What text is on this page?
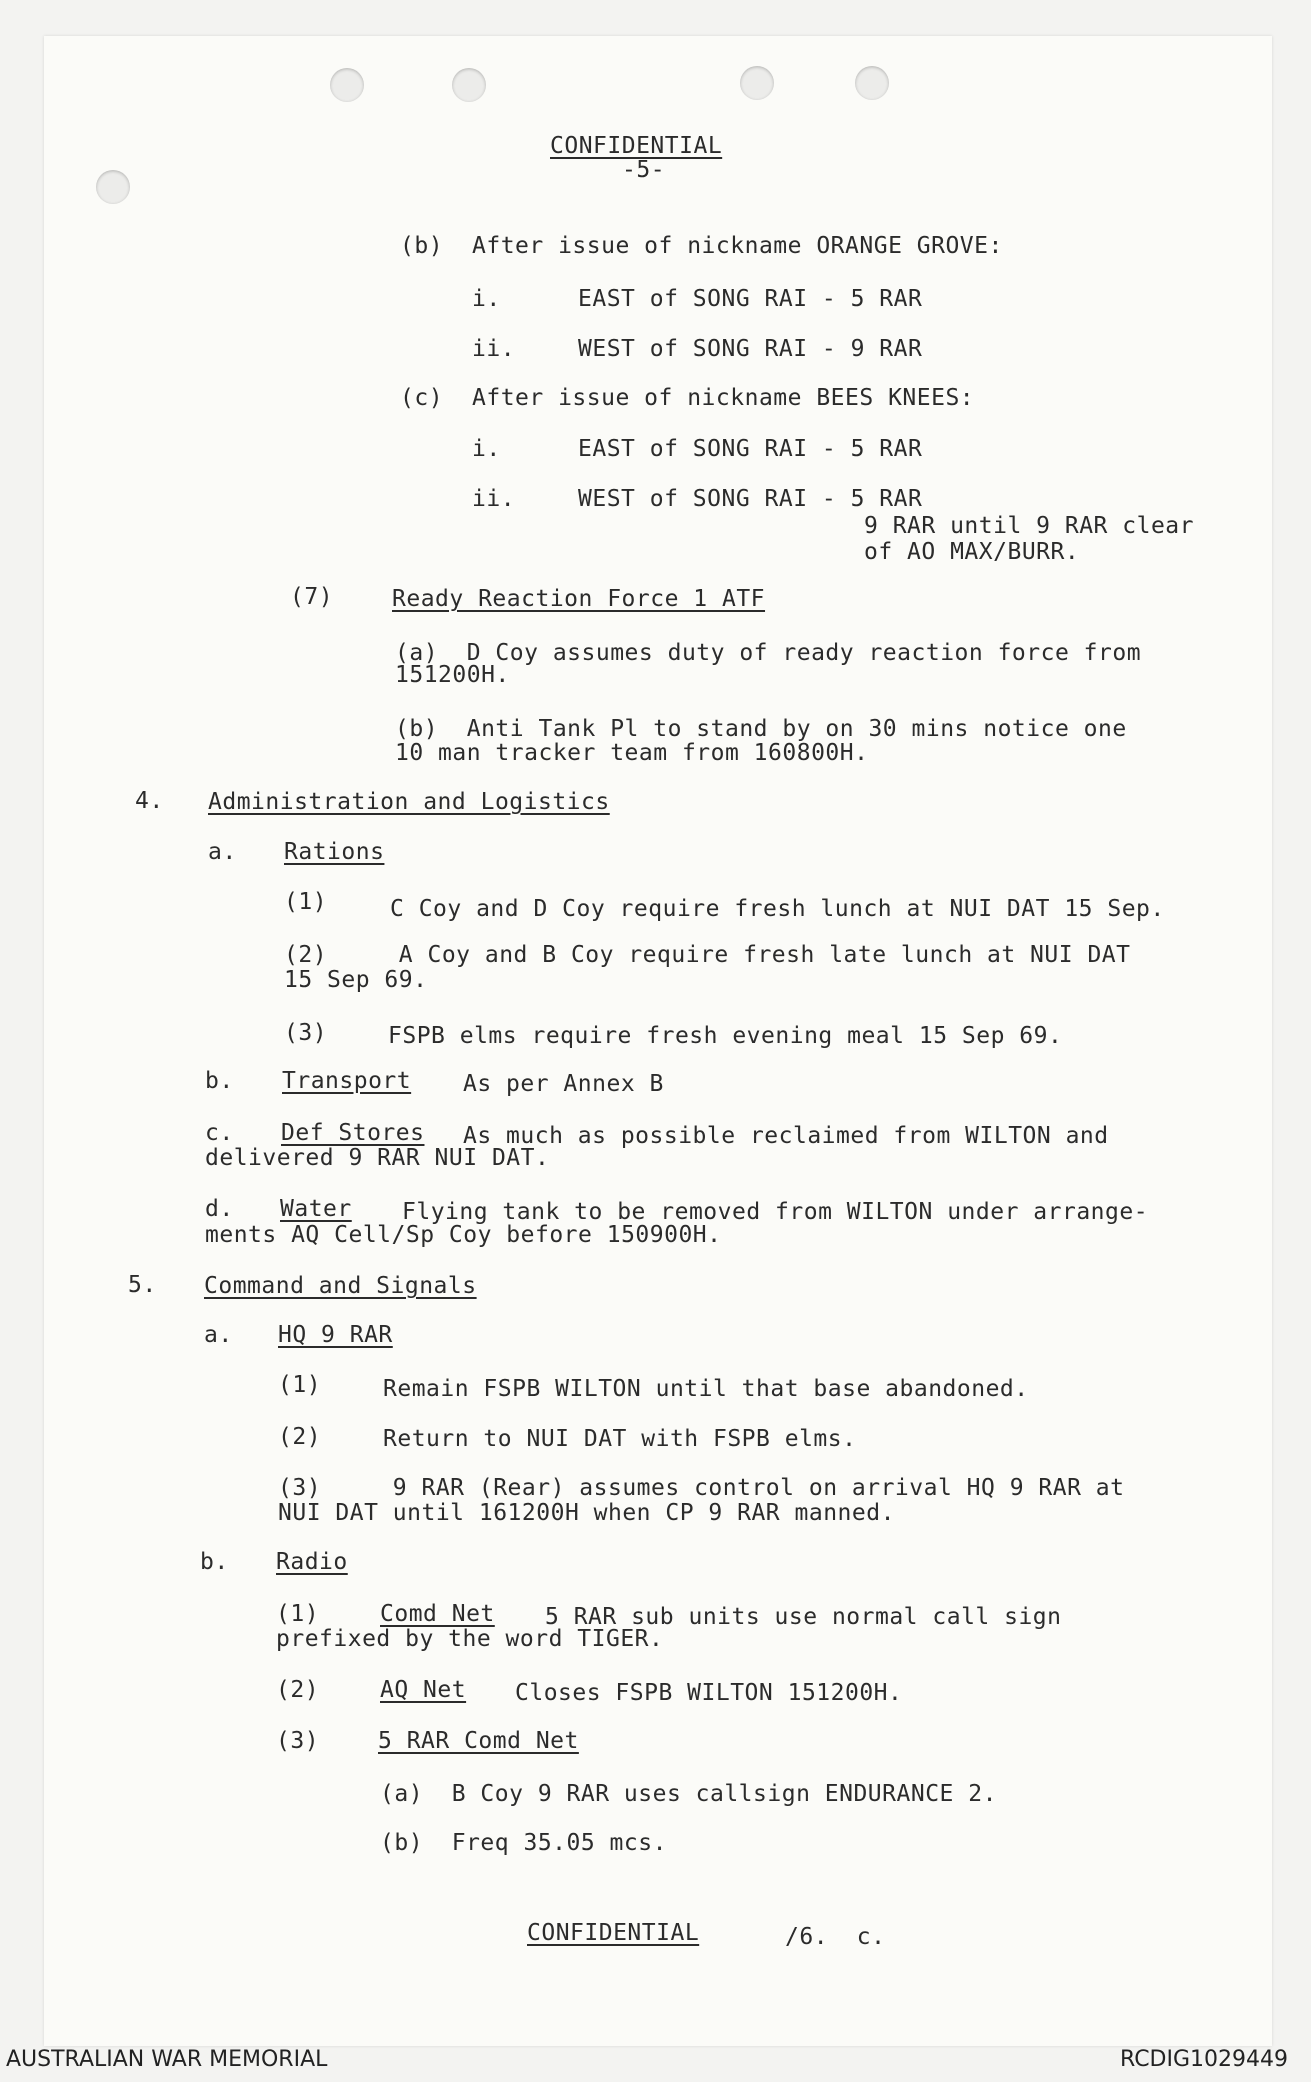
CONFIDENTIAL
-5-
(b) After issue of nickname ORANGE GROVE:
i.	EAST of SONG RAI - 5 RAR
ii.	WEST of SONG RAI - 9 RAR
(c) After issue of nickname BEES KNEES:
i.	EAST of SONG RAI - 5 RAR
ii.	WEST of SONG RAI - 5 RAR
9 RAR until 9 RAR clear
of AO MAX/BURR.
(7)	Ready Reaction Force 1 ATF
(a)  D Coy assumes duty of ready reaction force from
151200H.
(b)  Anti Tank Pl to stand by on 30 mins notice one
10 man tracker team from 160800H.
4. Administration and Logistics
a. Rations
(1)	C Coy and D Coy require fresh lunch at NUI DAT 15 Sep.
(2)     A Coy and B Coy require fresh late lunch at NUI DAT
15 Sep 69.
(3)	FSPB elms require fresh evening meal 15 Sep 69.
b. Transport As per Annex B
c. Def Stores As much as possible reclaimed from WILTON and
delivered 9 RAR NUI DAT.
d. Water Flying tank to be removed from WILTON under arrange-
ments AQ Cell/Sp Coy before 150900H.
5. Command and Signals
a. HQ 9 RAR
(1)	Remain FSPB WILTON until that base abandoned.
(2)	Return to NUI DAT with FSPB elms.
(3)     9 RAR (Rear) assumes control on arrival HQ 9 RAR at
NUI DAT until 161200H when CP 9 RAR manned.
b. Radio
(1)	Comd Net 5 RAR sub units use normal call sign
prefixed by the word TIGER.
(2)	AQ Net Closes FSPB WILTON 151200H.
(3)	5 RAR Comd Net
(a)  B Coy 9 RAR uses callsign ENDURANCE 2.
(b)  Freq 35.05 mcs.
CONFIDENTIAL	/6.  c.
AUSTRALIAN WAR MEMORIAL	RCDIG1029449
